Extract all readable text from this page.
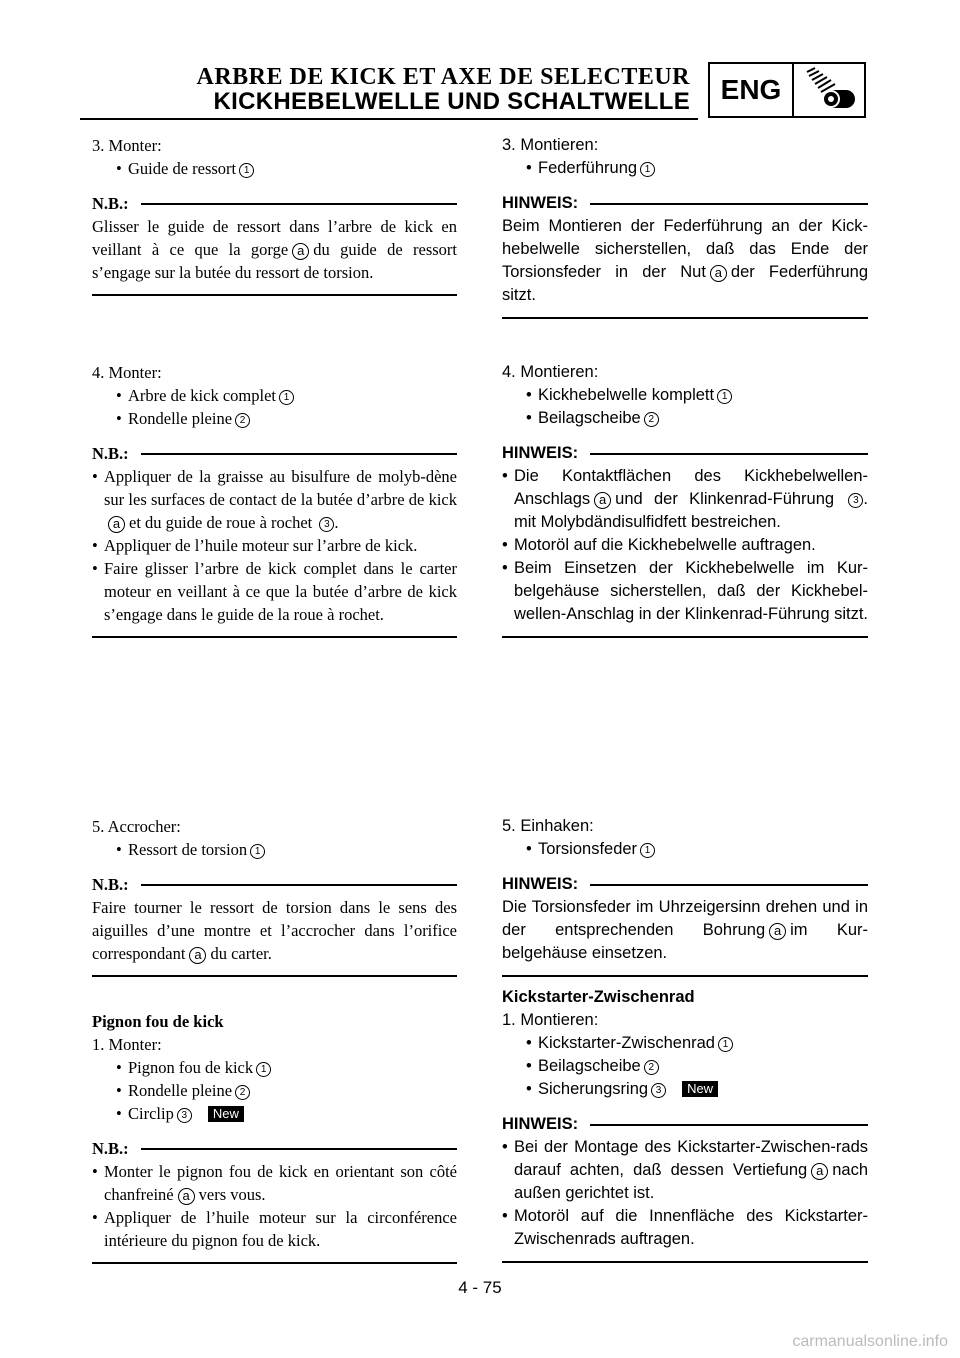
ARBRE DE KICK ET AXE DE SELECTEUR
KICKHEBELWELLE UND SCHALTWELLE	ENG
3. Monter:
• Guide de ressort 1
N.B.:
Glisser le guide de ressort dans l’arbre de kick en veillant à ce que la gorge a du guide de ressort s’engage sur la butée du ressort de torsion.
4. Monter:
• Arbre de kick complet 1
• Rondelle pleine 2
N.B.:
• Appliquer de la graisse au bisulfure de molyb-dène sur les surfaces de contact de la butée d’arbre de kicka et du guide de roue à rochet 3 .
• Appliquer de l’huile moteur sur l’arbre de kick.
• Faire glisser l’arbre de kick complet dans le carter moteur en veillant à ce que la butée d’arbre de kick s’engage dans le guide de la roue à rochet.
5. Accrocher:
• Ressort de torsion 1
N.B.:
Faire tourner le ressort de torsion dans le sens des aiguilles d’une montre et l’accrocher dans l’orifice correspondant a du carter.
Pignon fou de kick
1. Monter:
• Pignon fou de kick 1
• Rondelle pleine 2
• Circlip 3 New
N.B.:
• Monter le pignon fou de kick en orientant son côté chanfreiné a vers vous.
• Appliquer de l’huile moteur sur la circonférence intérieure du pignon fou de kick.
3. Montieren:
• Federführung 1
HINWEIS:
Beim Montieren der Federführung an der Kick-hebelwelle sicherstellen, daß das Ende der Torsionsfeder in der Nut a der Federführung sitzt.
4. Montieren:
• Kickhebelwelle komplett 1
• Beilagscheibe 2
HINWEIS:
• Die Kontaktflächen des Kickhebelwellen-Anschlags a und der Klinkenrad-Führung 3 . mit Molybdändisulfidfett bestreichen.
• Motoröl auf die Kickhebelwelle auftragen.
• Beim Einsetzen der Kickhebelwelle im Kur-belgehäuse sicherstellen, daß der Kickhebel-wellen-Anschlag in der Klinkenrad-Führung sitzt.
5. Einhaken:
• Torsionsfeder 1
HINWEIS:
Die Torsionsfeder im Uhrzeigersinn drehen und in der entsprechenden Bohrung a im Kur-belgehäuse einsetzen.
Kickstarter-Zwischenrad
1. Montieren:
• Kickstarter-Zwischenrad 1
• Beilagscheibe 2
• Sicherungsring 3 New
HINWEIS:
• Bei der Montage des Kickstarter-Zwischen-rads darauf achten, daß dessen Vertiefung a nach außen gerichtet ist.
• Motoröl auf die Innenfläche des Kickstarter-Zwischenrads auftragen.
4 - 75
carmanualsonline.info
